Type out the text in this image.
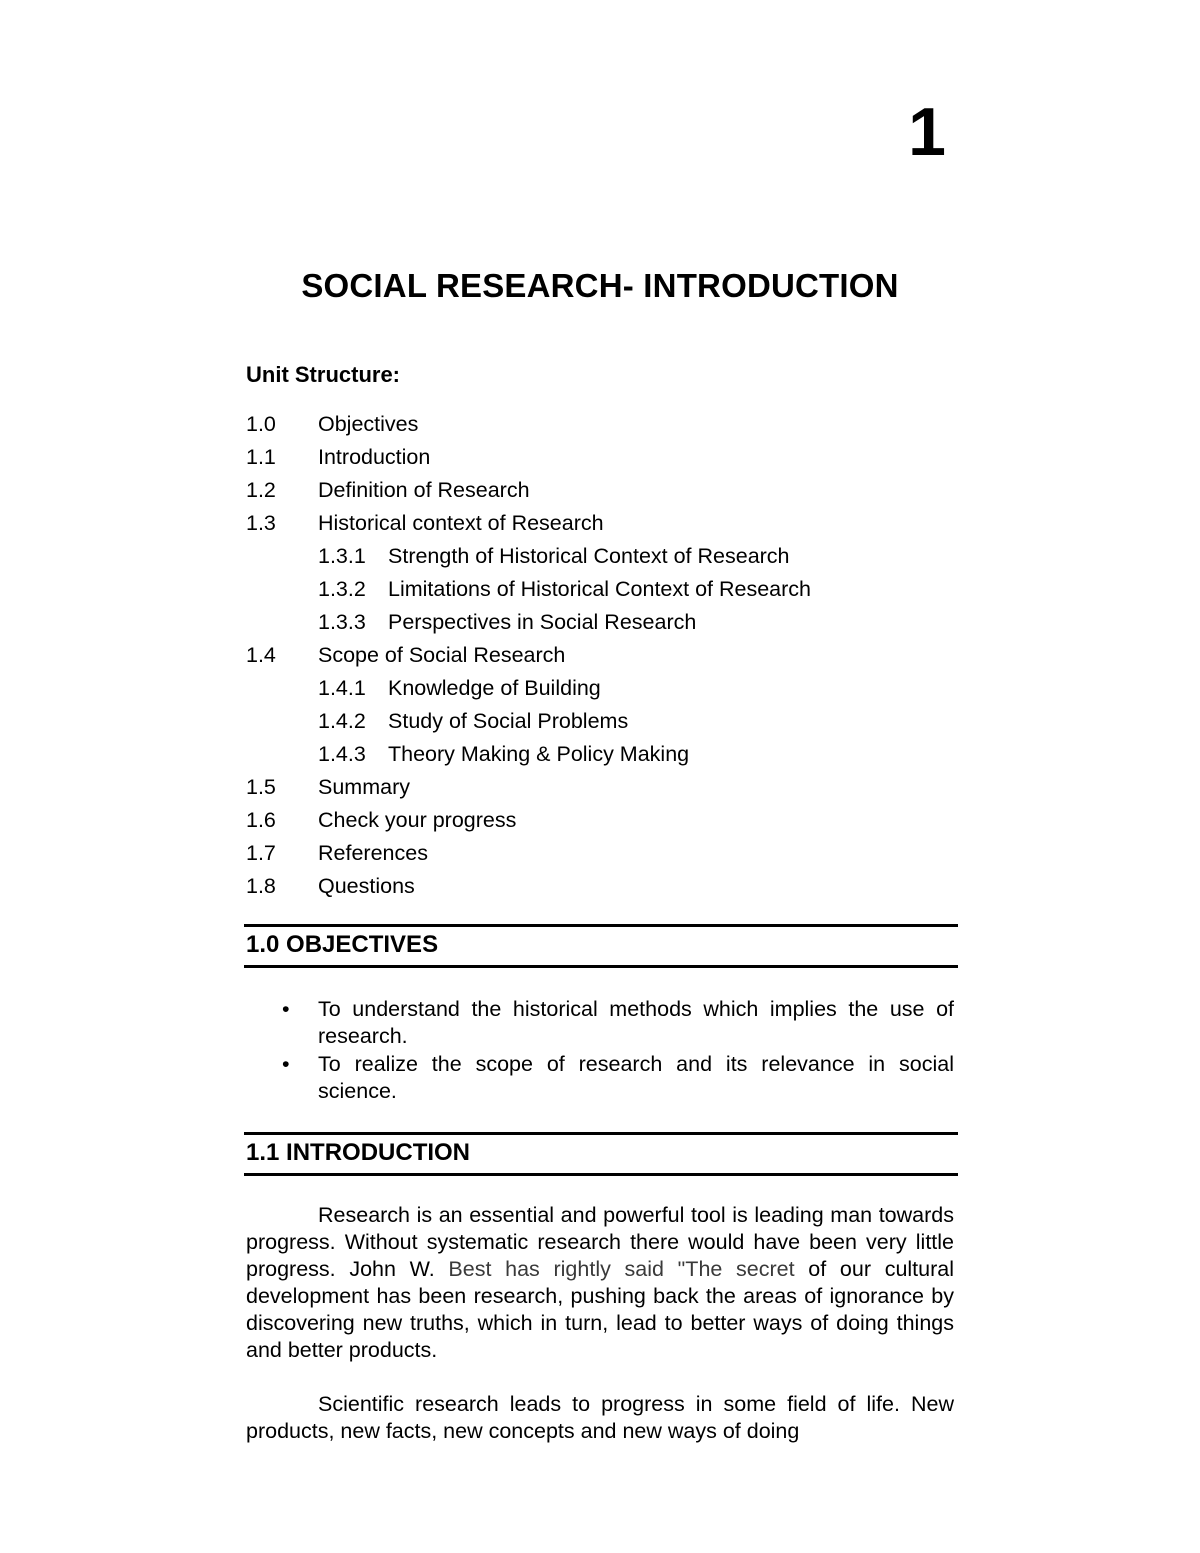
1
SOCIAL RESEARCH- INTRODUCTION
Unit Structure:
1.0 Objectives
1.1 Introduction
1.2 Definition of Research
1.3 Historical context of Research
1.3.1 Strength of Historical Context of Research
1.3.2 Limitations of Historical Context of Research
1.3.3 Perspectives in Social Research
1.4 Scope of Social Research
1.4.1 Knowledge of Building
1.4.2 Study of Social Problems
1.4.3 Theory Making & Policy Making
1.5 Summary
1.6 Check your progress
1.7 References
1.8 Questions
1.0 OBJECTIVES
• To understand the historical methods which implies the use of research.
• To realize the scope of research and its relevance in social science.
1.1 INTRODUCTION

Research is an essential and powerful tool is leading man towards progress. Without systematic research there would have been very little progress. John W. Best has rightly said "The secret of our cultural development has been research, pushing back the areas of ignorance by discovering new truths, which in turn, lead to better ways of doing things and better products.

Scientific research leads to progress in some field of life. New products, new facts, new concepts and new ways of doing
